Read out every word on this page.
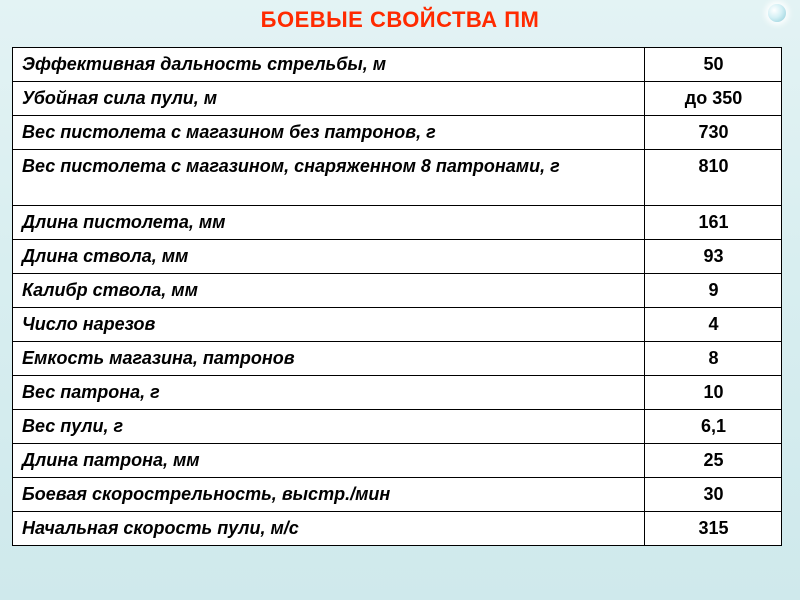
БОЕВЫЕ СВОЙСТВА ПМ
Эффективная дальность стрельбы, м	50
Убойная сила пули, м	до 350
Вес пистолета с магазином без патронов, г	730
Вес пистолета с магазином, снаряженном 8 патронами, г	810
Длина пистолета, мм	161
Длина ствола, мм	93
Калибр ствола, мм	9
Число нарезов	4
Емкость магазина, патронов	8
Вес патрона, г	10
Вес пули, г	6,1
Длина патрона, мм	25
Боевая скорострельность, выстр./мин	30
Начальная скорость пули, м/с	315
